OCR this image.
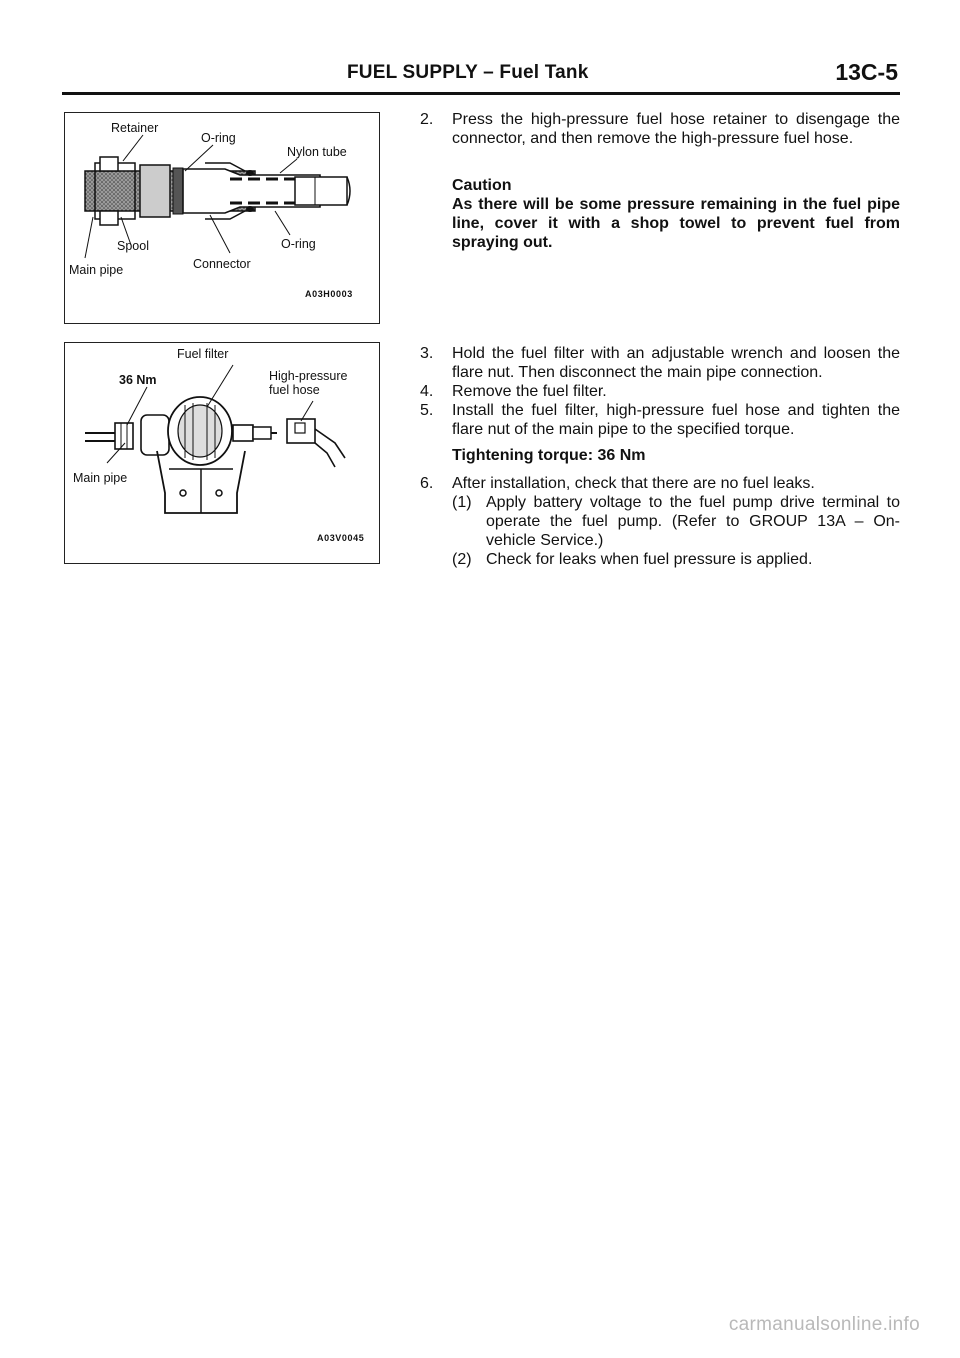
FUEL SUPPLY – Fuel Tank	13C-5
Retainer
O-ring
Nylon tube
Spool	O-ring
Main pipe	Connector
A03H0003
Fuel filter
36 Nm	High-pressure
fuel hose
Main pipe
A03V0045
2. Press the high-pressure fuel hose retainer to disengage the connector, and then remove the high-pressure fuel hose.
Caution
As there will be some pressure remaining in the fuel pipe line, cover it with a shop towel to prevent fuel from spraying out.
3. Hold the fuel filter with an adjustable wrench and loosen the flare nut. Then disconnect the main pipe connection.
4. Remove the fuel filter.
5. Install the fuel filter, high-pressure fuel hose and tighten the flare nut of the main pipe to the specified torque.
Tightening torque: 36 Nm
6. After installation, check that there are no fuel leaks.
(1) Apply battery voltage to the fuel pump drive terminal to operate the fuel pump. (Refer to GROUP 13A – On-vehicle Service.)
(2) Check for leaks when fuel pressure is applied.
carmanualsonline.info
